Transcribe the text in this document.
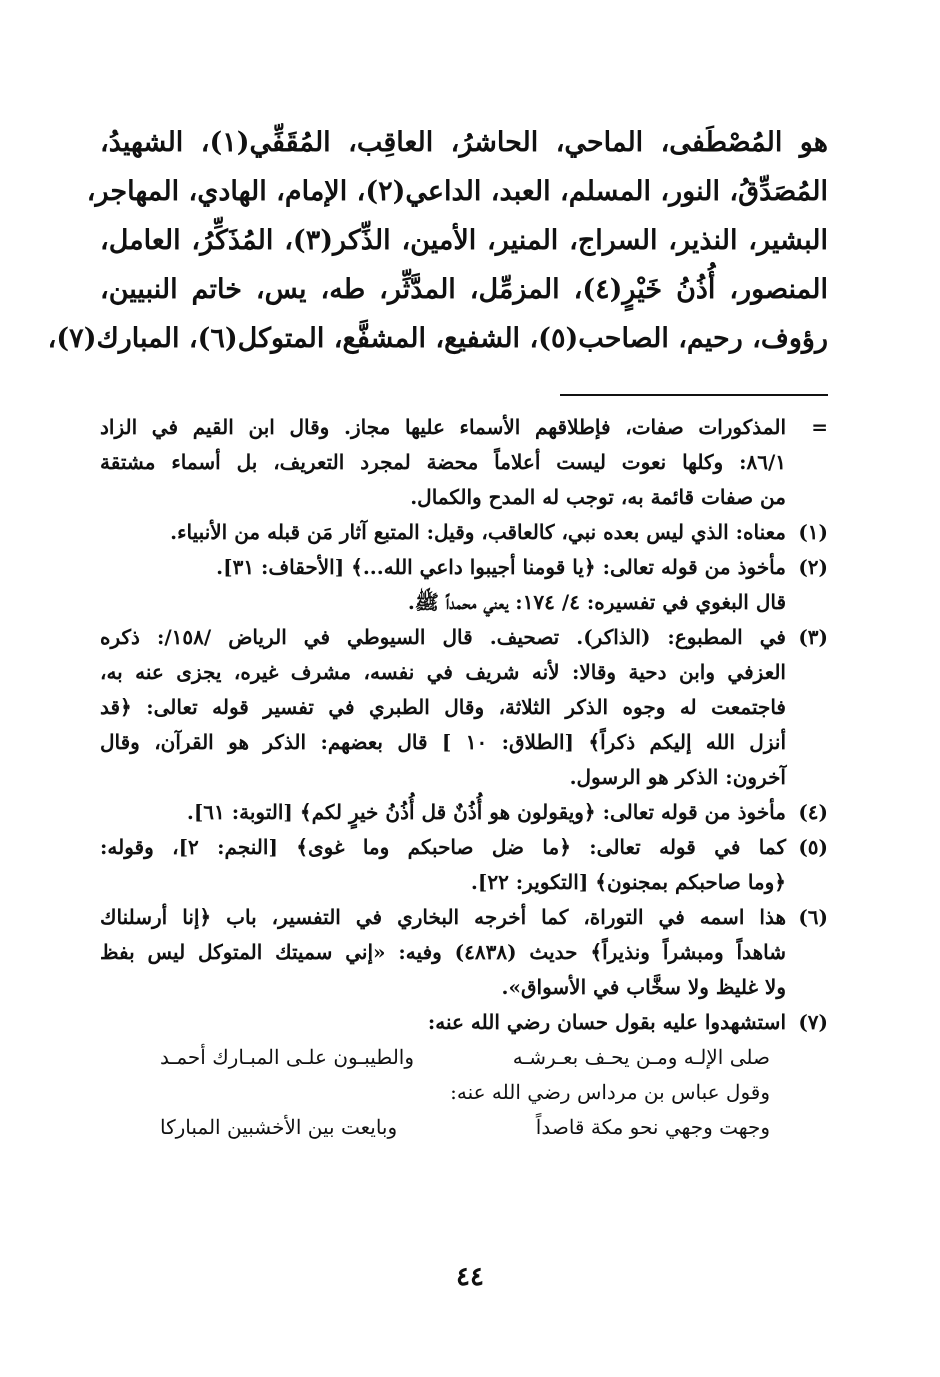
هو المُصْطَفى، الماحي، الحاشرُ، العاقِب، المُقَفِّي(١)، الشهيدُ،
المُصَدِّقُ، النور، المسلم، العبد، الداعي(٢)، الإمام، الهادي، المهاجر،
البشير، النذير، السراج، المنير، الأمين، الذِّكر(٣)، المُذَكِّرُ، العامل،
المنصور، أُذُنُ خَيْرٍ(٤)، المزمِّل، المدَّثِّر، طه، يس، خاتم النبيين،
رؤوف، رحيم، الصاحب(٥)، الشفيع، المشفَّع، المتوكل(٦)، المبارك(٧)،
=
المذكورات صفات، فإطلاقهم الأسماء عليها مجاز. وقال ابن القيم في الزاد
٨٦/١: وكلها نعوت ليست أعلاماً محضة لمجرد التعريف، بل أسماء مشتقة
من صفات قائمة به، توجب له المدح والكمال.
(١)
معناه: الذي ليس بعده نبي، كالعاقب، وقيل: المتبع آثار مَن قبله من الأنبياء.
(٢)
مأخوذ من قوله تعالى: ﴿يا قومنا أجيبوا داعي الله...﴾ [الأحقاف: ٣١].
قال البغوي في تفسيره: ٤/ ١٧٤: يعني محمداً ﷺ.
(٣)
في المطبوع: (الذاكر). تصحيف. قال السيوطي في الرياض /١٥٨/: ذكره
العزفي وابن دحية وقالا: لأنه شريف في نفسه، مشرف غيره، يجزى عنه به،
فاجتمعت له وجوه الذكر الثلاثة، وقال الطبري في تفسير قوله تعالى: ﴿قد
أنزل الله إليكم ذكراً﴾ [الطلاق: ١٠ ] قال بعضهم: الذكر هو القرآن، وقال
آخرون: الذكر هو الرسول.
(٤)
مأخوذ من قوله تعالى: ﴿ويقولون هو أُذُنٌ قل أُذُنُ خيرٍ لكم﴾ [التوبة: ٦١].
(٥)
كما في قوله تعالى: ﴿ما ضل صاحبكم وما غوى﴾ [النجم: ٢]، وقوله:
﴿وما صاحبكم بمجنون﴾ [التكوير: ٢٢].
(٦)
هذا اسمه في التوراة، كما أخرجه البخاري في التفسير، باب ﴿إنا أرسلناك
شاهداً ومبشراً ونذيراً﴾ حديث (٤٨٣٨) وفيه: «إني سميتك المتوكل ليس بفظ
ولا غليظ ولا سخَّاب في الأسواق».
(٧)
استشهدوا عليه بقول حسان رضي الله عنه:
صلى الإلـه ومـن يحـف بعـرشـه
والطيبـون علـى المبـارك أحمـد
وقول عباس بن مرداس رضي الله عنه:
وجهت وجهي نحو مكة قاصداً
وبايعت بين الأخشبين المباركا
٤٤
